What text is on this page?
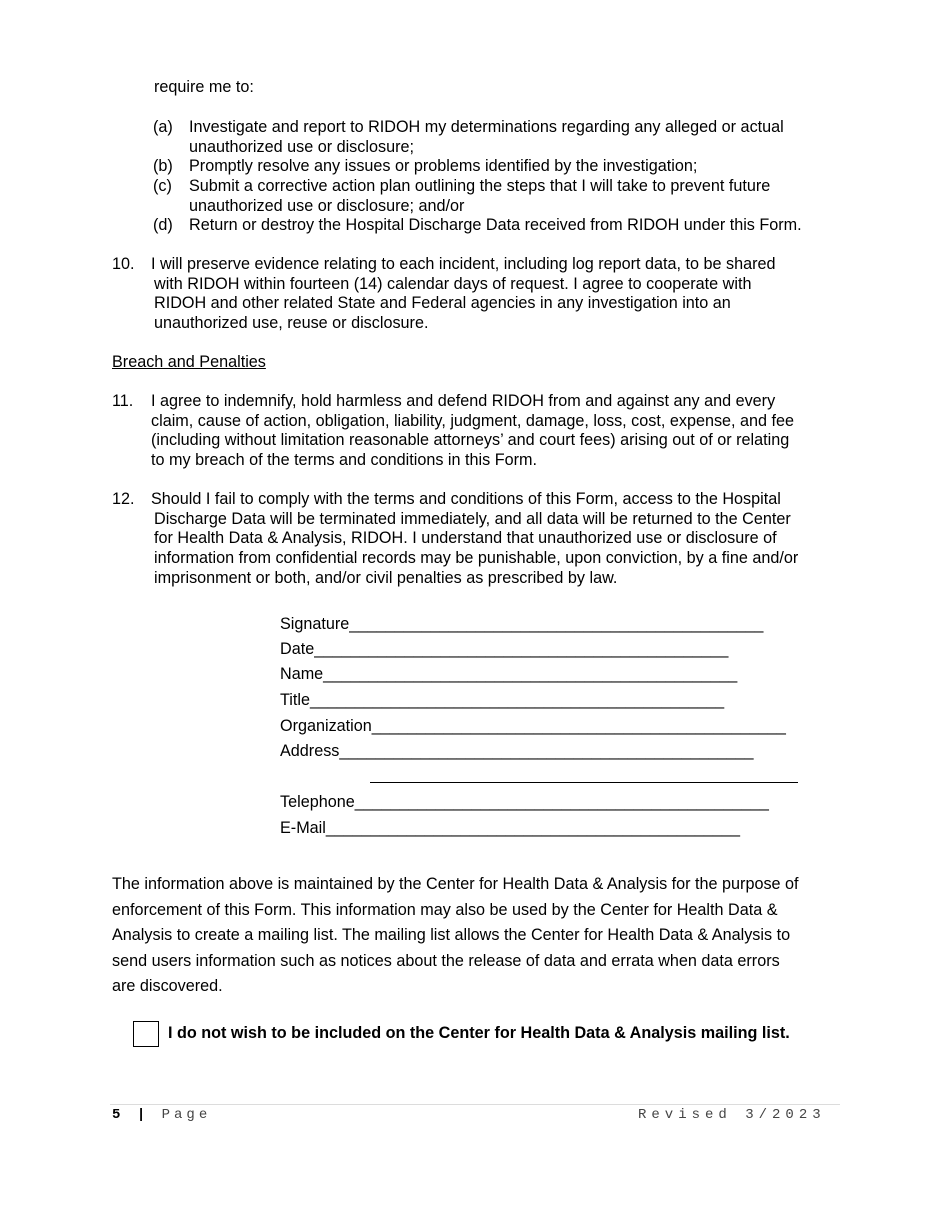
require me to:
(a) Investigate and report to RIDOH my determinations regarding any alleged or actual
unauthorized use or disclosure;
(b) Promptly resolve any issues or problems identified by the investigation;
(c) Submit a corrective action plan outlining the steps that I will take to prevent future
unauthorized use or disclosure; and/or
(d) Return or destroy the Hospital Discharge Data received from RIDOH under this Form.
10. I will preserve evidence relating to each incident, including log report data, to be shared
with RIDOH within fourteen (14) calendar days of request. I agree to cooperate with
RIDOH and other related State and Federal agencies in any investigation into an
unauthorized use, reuse or disclosure.
Breach and Penalties
11. I agree to indemnify, hold harmless and defend RIDOH from and against any and every
claim, cause of action, obligation, liability, judgment, damage, loss, cost, expense, and fee
(including without limitation reasonable attorneys’ and court fees) arising out of or relating
to my breach of the terms and conditions in this Form.
12. Should I fail to comply with the terms and conditions of this Form, access to the Hospital
Discharge Data will be terminated immediately, and all data will be returned to the Center
for Health Data & Analysis, RIDOH. I understand that unauthorized use or disclosure of
information from confidential records may be punishable, upon conviction, by a fine and/or
imprisonment or both, and/or civil penalties as prescribed by law.
Signature______________________________________________
Date______________________________________________
Name______________________________________________
Title______________________________________________
Organization______________________________________________
Address______________________________________________
Telephone______________________________________________
E-Mail______________________________________________
The information above is maintained by the Center for Health Data & Analysis for the purpose of
enforcement of this Form. This information may also be used by the Center for Health Data &
Analysis to create a mailing list. The mailing list allows the Center for Health Data & Analysis to
send users information such as notices about the release of data and errata when data errors
are discovered.
I do not wish to be included on the Center for Health Data & Analysis mailing list.
5 | Page	Revised 3/2023
